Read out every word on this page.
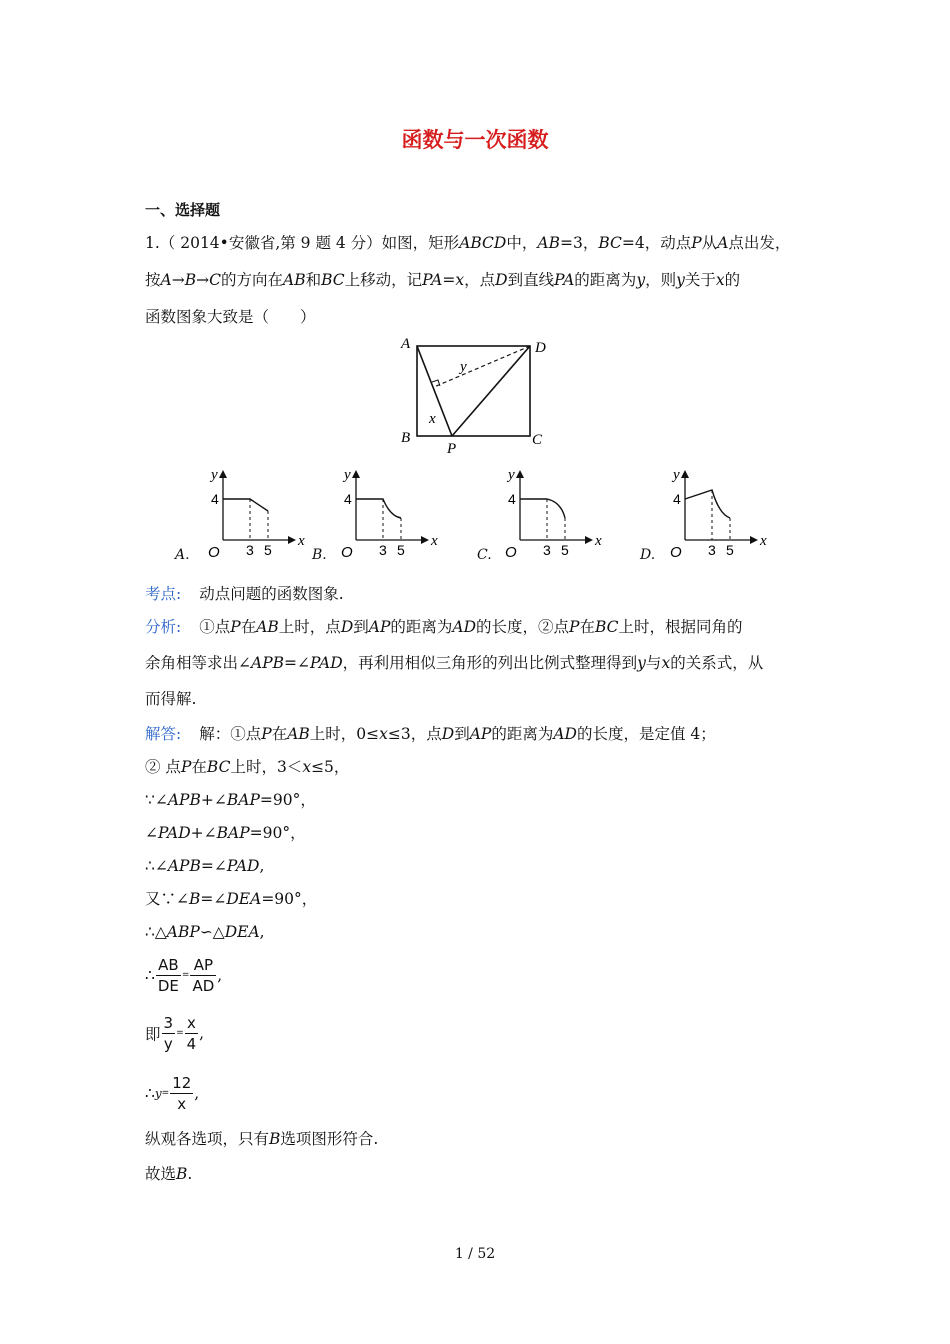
函数与一次函数
一、选择题
1.（ 2014•安徽省,第 9 题 4 分）如图，矩形ABCD中，AB=3，BC=4，动点P从A点出发，
按A→B→C的方向在AB和BC上移动，记PA=x，点D到直线PA的距离为y，则y关于x的
函数图象大致是（　　）
A	D
B	C
P
x
y
y
4
O 3 5
x
A.
y
4
O 3 5
x
B.
y
4
O 3 5
x
C.
y
4
O 3 5
x
D.
考点: 动点问题的函数图象.
分析: ①点P在AB上时，点D到AP的距离为AD的长度，②点P在BC上时，根据同角的
余角相等求出∠APB=∠PAD，再利用相似三角形的列出比例式整理得到y与x的关系式，从
而得解.
解答: 解：①点P在AB上时，0≤x≤3，点D到AP的距离为AD的长度，是定值 4；
② 点P在BC上时，3＜x≤5，
∵∠APB+∠BAP=90°，
∠PAD+∠BAP=90°，
∴∠APB=∠PAD,
又∵∠B=∠DEA=90°，
∴△ABP∽△DEA,
∴ $\frac{AB}{DE} = \frac{AP}{AD}$ ,
即 $\frac{3}{y} = \frac{x}{4}$ ,
∴y= $\frac{12}{x}$ ,
纵观各选项，只有B选项图形符合.
故选B.
1 / 52
